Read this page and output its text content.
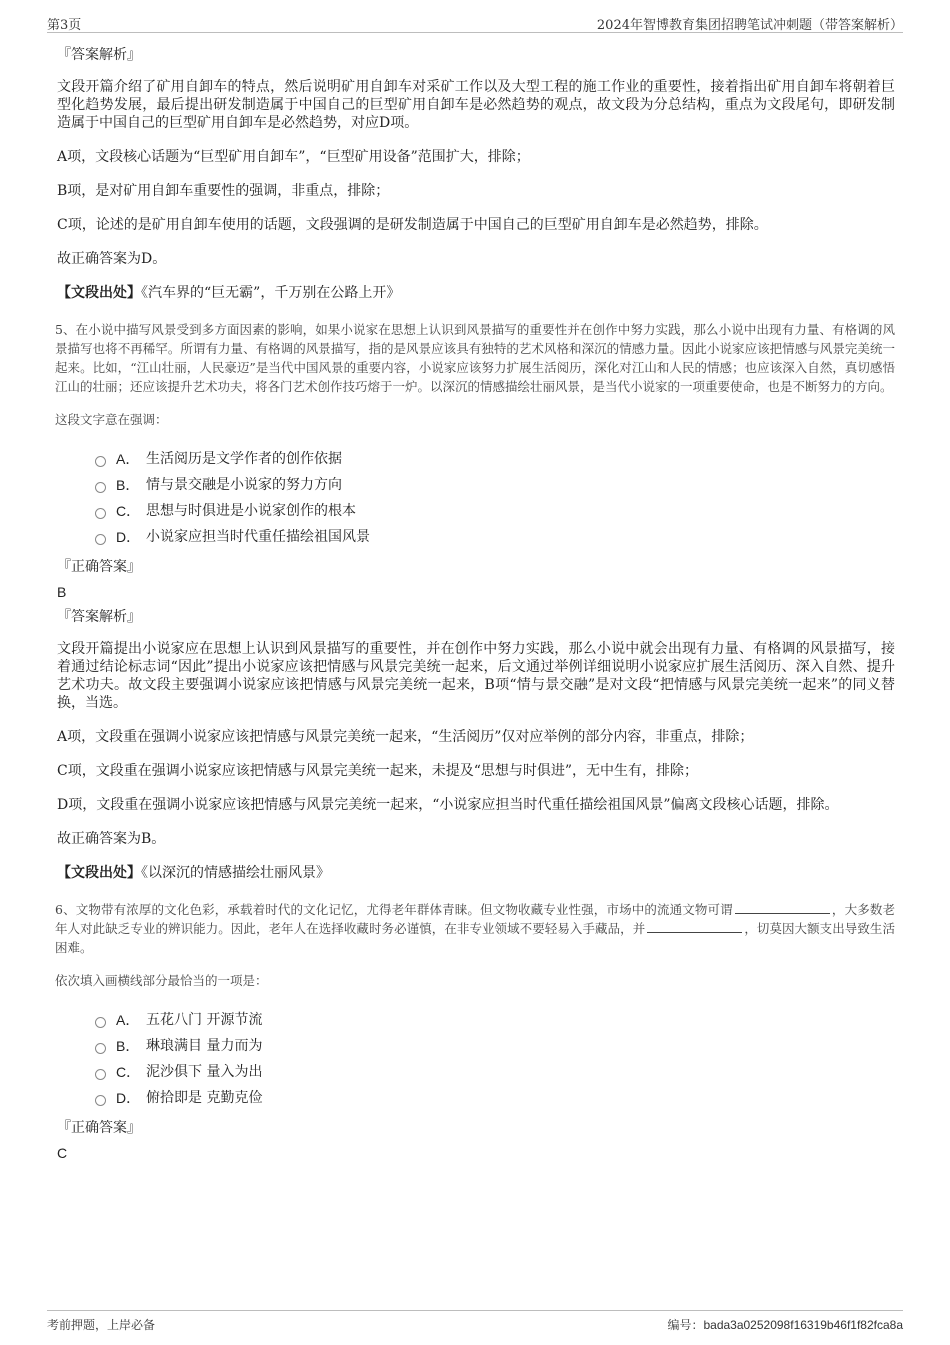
第3页	2024年智博教育集团招聘笔试冲刺题（带答案解析）
『答案解析』

文段开篇介绍了矿用自卸车的特点，然后说明矿用自卸车对采矿工作以及大型工程的施工作业的重要性，接着指出矿用自卸车将朝着巨型化趋势发展，最后提出研发制造属于中国自己的巨型矿用自卸车是必然趋势的观点，故文段为分总结构，重点为文段尾句，即研发制造属于中国自己的巨型矿用自卸车是必然趋势，对应D项。

A项，文段核心话题为“巨型矿用自卸车”，“巨型矿用设备”范围扩大，排除；

B项，是对矿用自卸车重要性的强调，非重点，排除；

C项，论述的是矿用自卸车使用的话题，文段强调的是研发制造属于中国自己的巨型矿用自卸车是必然趋势，排除。

故正确答案为D。

【文段出处】《汽车界的“巨无霸”，千万别在公路上开》

5、在小说中描写风景受到多方面因素的影响，如果小说家在思想上认识到风景描写的重要性并在创作中努力实践，那么小说中出现有力量、有格调的风景描写也将不再稀罕。所谓有力量、有格调的风景描写，指的是风景应该具有独特的艺术风格和深沉的情感力量。因此小说家应该把情感与风景完美统一起来。比如，“江山壮丽，人民豪迈”是当代中国风景的重要内容，小说家应该努力扩展生活阅历，深化对江山和人民的情感；也应该深入自然，真切感悟江山的壮丽；还应该提升艺术功夫，将各门艺术创作技巧熔于一炉。以深沉的情感描绘壮丽风景，是当代小说家的一项重要使命，也是不断努力的方向。
这段文字意在强调：
A． 生活阅历是文学作者的创作依据
B． 情与景交融是小说家的努力方向
C． 思想与时俱进是小说家创作的根本
D． 小说家应担当时代重任描绘祖国风景
『正确答案』
B
『答案解析』

文段开篇提出小说家应在思想上认识到风景描写的重要性，并在创作中努力实践，那么小说中就会出现有力量、有格调的风景描写，接着通过结论标志词“因此”提出小说家应该把情感与风景完美统一起来，后文通过举例详细说明小说家应扩展生活阅历、深入自然、提升艺术功夫。故文段主要强调小说家应该把情感与风景完美统一起来，B项“情与景交融”是对文段“把情感与风景完美统一起来”的同义替换，当选。

A项，文段重在强调小说家应该把情感与风景完美统一起来，“生活阅历”仅对应举例的部分内容，非重点，排除；

C项，文段重在强调小说家应该把情感与风景完美统一起来，未提及“思想与时俱进”，无中生有，排除；

D项，文段重在强调小说家应该把情感与风景完美统一起来，“小说家应担当时代重任描绘祖国风景”偏离文段核心话题，排除。

故正确答案为B。

【文段出处】《以深沉的情感描绘壮丽风景》

6、文物带有浓厚的文化色彩，承载着时代的文化记忆，尤得老年群体青睐。但文物收藏专业性强，市场中的流通文物可谓	，大多数老年人对此缺乏专业的辨识能力。因此，老年人在选择收藏时务必谨慎，在非专业领域不要轻易入手藏品，并	，切莫因大额支出导致生活困难。
依次填入画横线部分最恰当的一项是：
A． 五花八门 开源节流
B． 琳琅满目 量力而为
C． 泥沙俱下 量入为出
D． 俯拾即是 克勤克俭
『正确答案』
C
考前押题，上岸必备	编号：bada3a0252098f16319b46f1f82fca8a
